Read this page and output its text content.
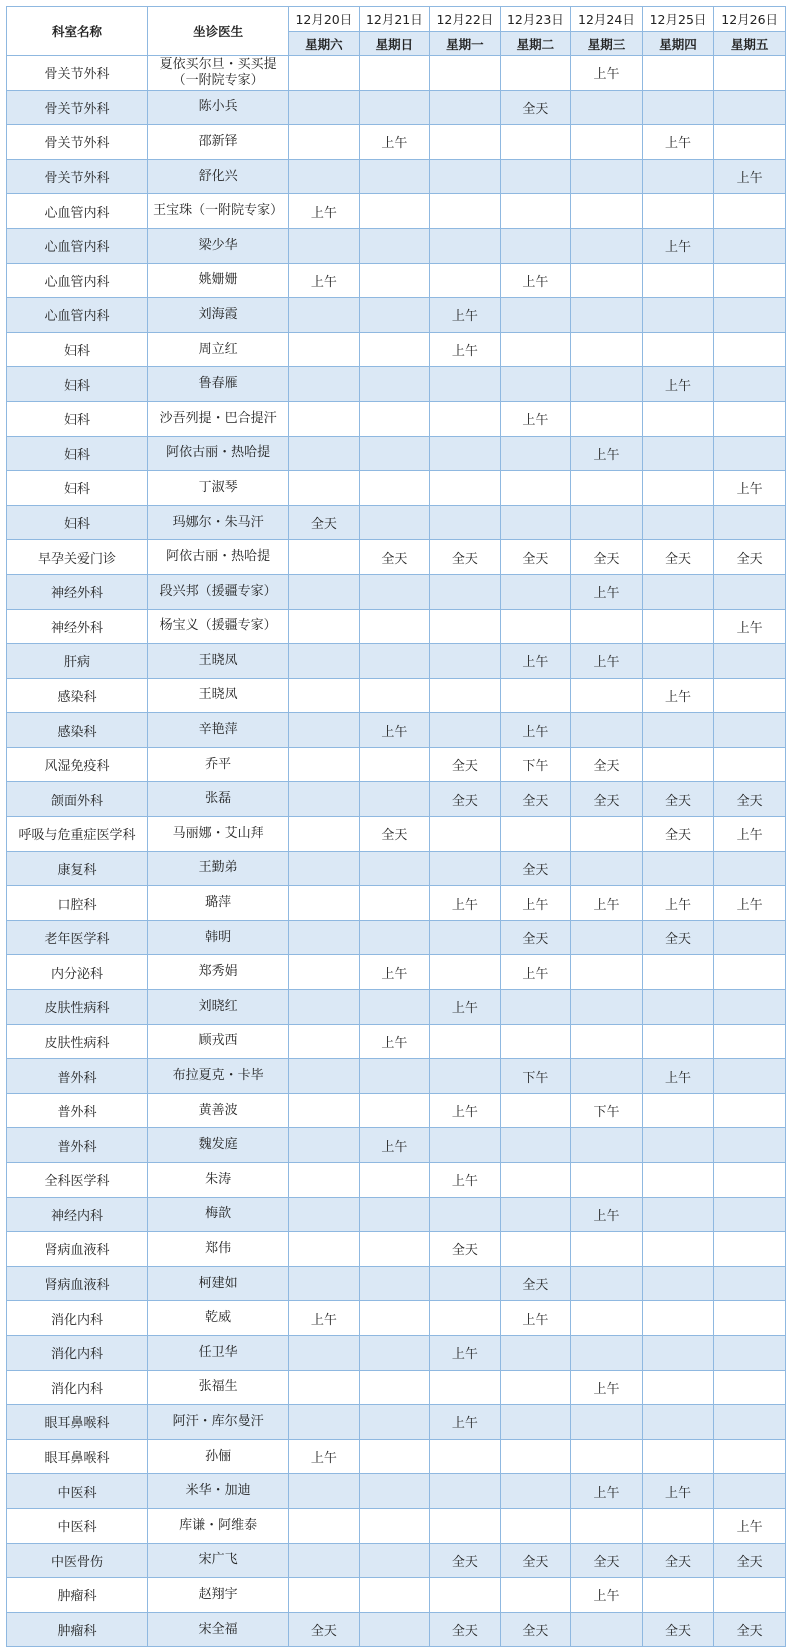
科室名称	坐诊医生	12月20日	12月21日	12月22日	12月23日	12月24日	12月25日	12月26日
		星期六	星期日	星期一	星期二	星期三	星期四	星期五
骨关节外科	夏依买尔旦・买买提（一附院专家）					上午		
骨关节外科	陈小兵				全天			
骨关节外科	邵新铎		上午				上午	
骨关节外科	舒化兴							上午
心血管内科	王宝珠（一附院专家）	上午						
心血管内科	梁少华						上午	
心血管内科	姚姗姗	上午			上午			
心血管内科	刘海霞			上午				
妇科	周立红			上午				
妇科	鲁春雁						上午	
妇科	沙吾列提・巴合提汗				上午			
妇科	阿依古丽・热哈提					上午		
妇科	丁淑琴							上午
妇科	玛娜尔・朱马汗	全天						
早孕关爱门诊	阿依古丽・热哈提		全天	全天	全天	全天	全天	全天
神经外科	段兴邦（援疆专家）					上午		
神经外科	杨宝义（援疆专家）							上午
肝病	王晓凤				上午	上午		
感染科	王晓凤						上午	
感染科	辛艳萍		上午		上午			
风湿免疫科	乔平			全天	下午	全天		
颌面外科	张磊			全天	全天	全天	全天	全天
呼吸与危重症医学科	马丽娜・艾山拜		全天				全天	上午
康复科	王勤弟				全天			
口腔科	璐萍			上午	上午	上午	上午	上午
老年医学科	韩明				全天		全天	
内分泌科	郑秀娟		上午		上午			
皮肤性病科	刘晓红			上午				
皮肤性病科	顾戎西		上午					
普外科	布拉夏克・卡毕				下午		上午	
普外科	黄善波			上午		下午		
普外科	魏发庭		上午					
全科医学科	朱涛			上午				
神经内科	梅歆					上午		
肾病血液科	郑伟			全天				
肾病血液科	柯建如				全天			
消化内科	乾威	上午			上午			
消化内科	任卫华			上午				
消化内科	张福生					上午		
眼耳鼻喉科	阿汗・库尔曼汗			上午				
眼耳鼻喉科	孙俪	上午						
中医科	米华・加迪					上午	上午	
中医科	库谦・阿维泰							上午
中医骨伤	宋广飞			全天	全天	全天	全天	全天
肿瘤科	赵翔宇					上午		
肿瘤科	宋全福	全天		全天	全天		全天	全天
